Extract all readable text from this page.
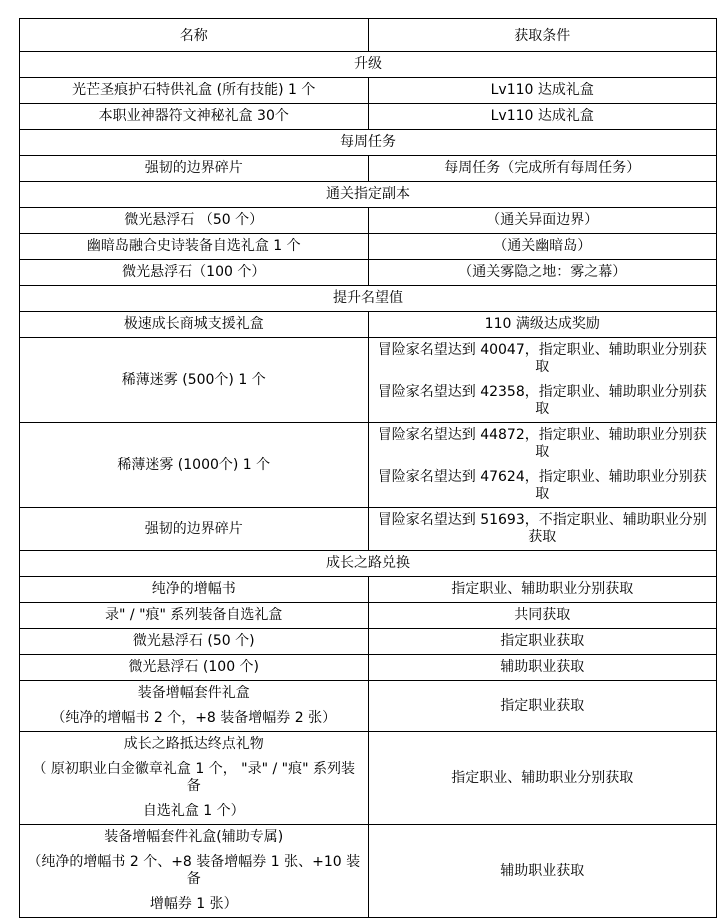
名称	获取条件

升级	

光芒圣痕护石特供礼盒 (所有技能) 1 个	Lv110 达成礼盒

本职业神器符文神秘礼盒 30个	Lv110 达成礼盒

每周任务	

强韧的边界碎片	每周任务（完成所有每周任务）

通关指定副本	

微光悬浮石 （50 个）	（通关异面边界）

幽暗岛融合史诗装备自选礼盒 1 个	（通关幽暗岛）

微光悬浮石（100 个）	（通关雾隐之地：雾之幕）

提升名望值	

极速成长商城支援礼盒	110 满级达成奖励

稀薄迷雾 (500个) 1 个	冒险家名望达到 40047，指定职业、辅助职业分别获取
冒险家名望达到 42358，指定职业、辅助职业分别获取

稀薄迷雾 (1000个) 1 个	冒险家名望达到 44872，指定职业、辅助职业分别获取
冒险家名望达到 47624，指定职业、辅助职业分别获取

强韧的边界碎片	冒险家名望达到 51693，不指定职业、辅助职业分别获取

成长之路兑换	

纯净的增幅书	指定职业、辅助职业分别获取

录" / "痕" 系列装备自选礼盒	共同获取

微光悬浮石 (50 个)	指定职业获取

微光悬浮石 (100 个)	辅助职业获取

装备增幅套件礼盒
（纯净的增幅书 2 个，+8 装备增幅券 2 张）	指定职业获取

成长之路抵达终点礼物
（ 原初职业白金徽章礼盒 1 个， "录" / "痕" 系列装备
自选礼盒 1 个）	指定职业、辅助职业分别获取

装备增幅套件礼盒(辅助专属)
（纯净的增幅书 2 个、+8 装备增幅券 1 张、+10 装备
增幅券 1 张）	辅助职业获取
